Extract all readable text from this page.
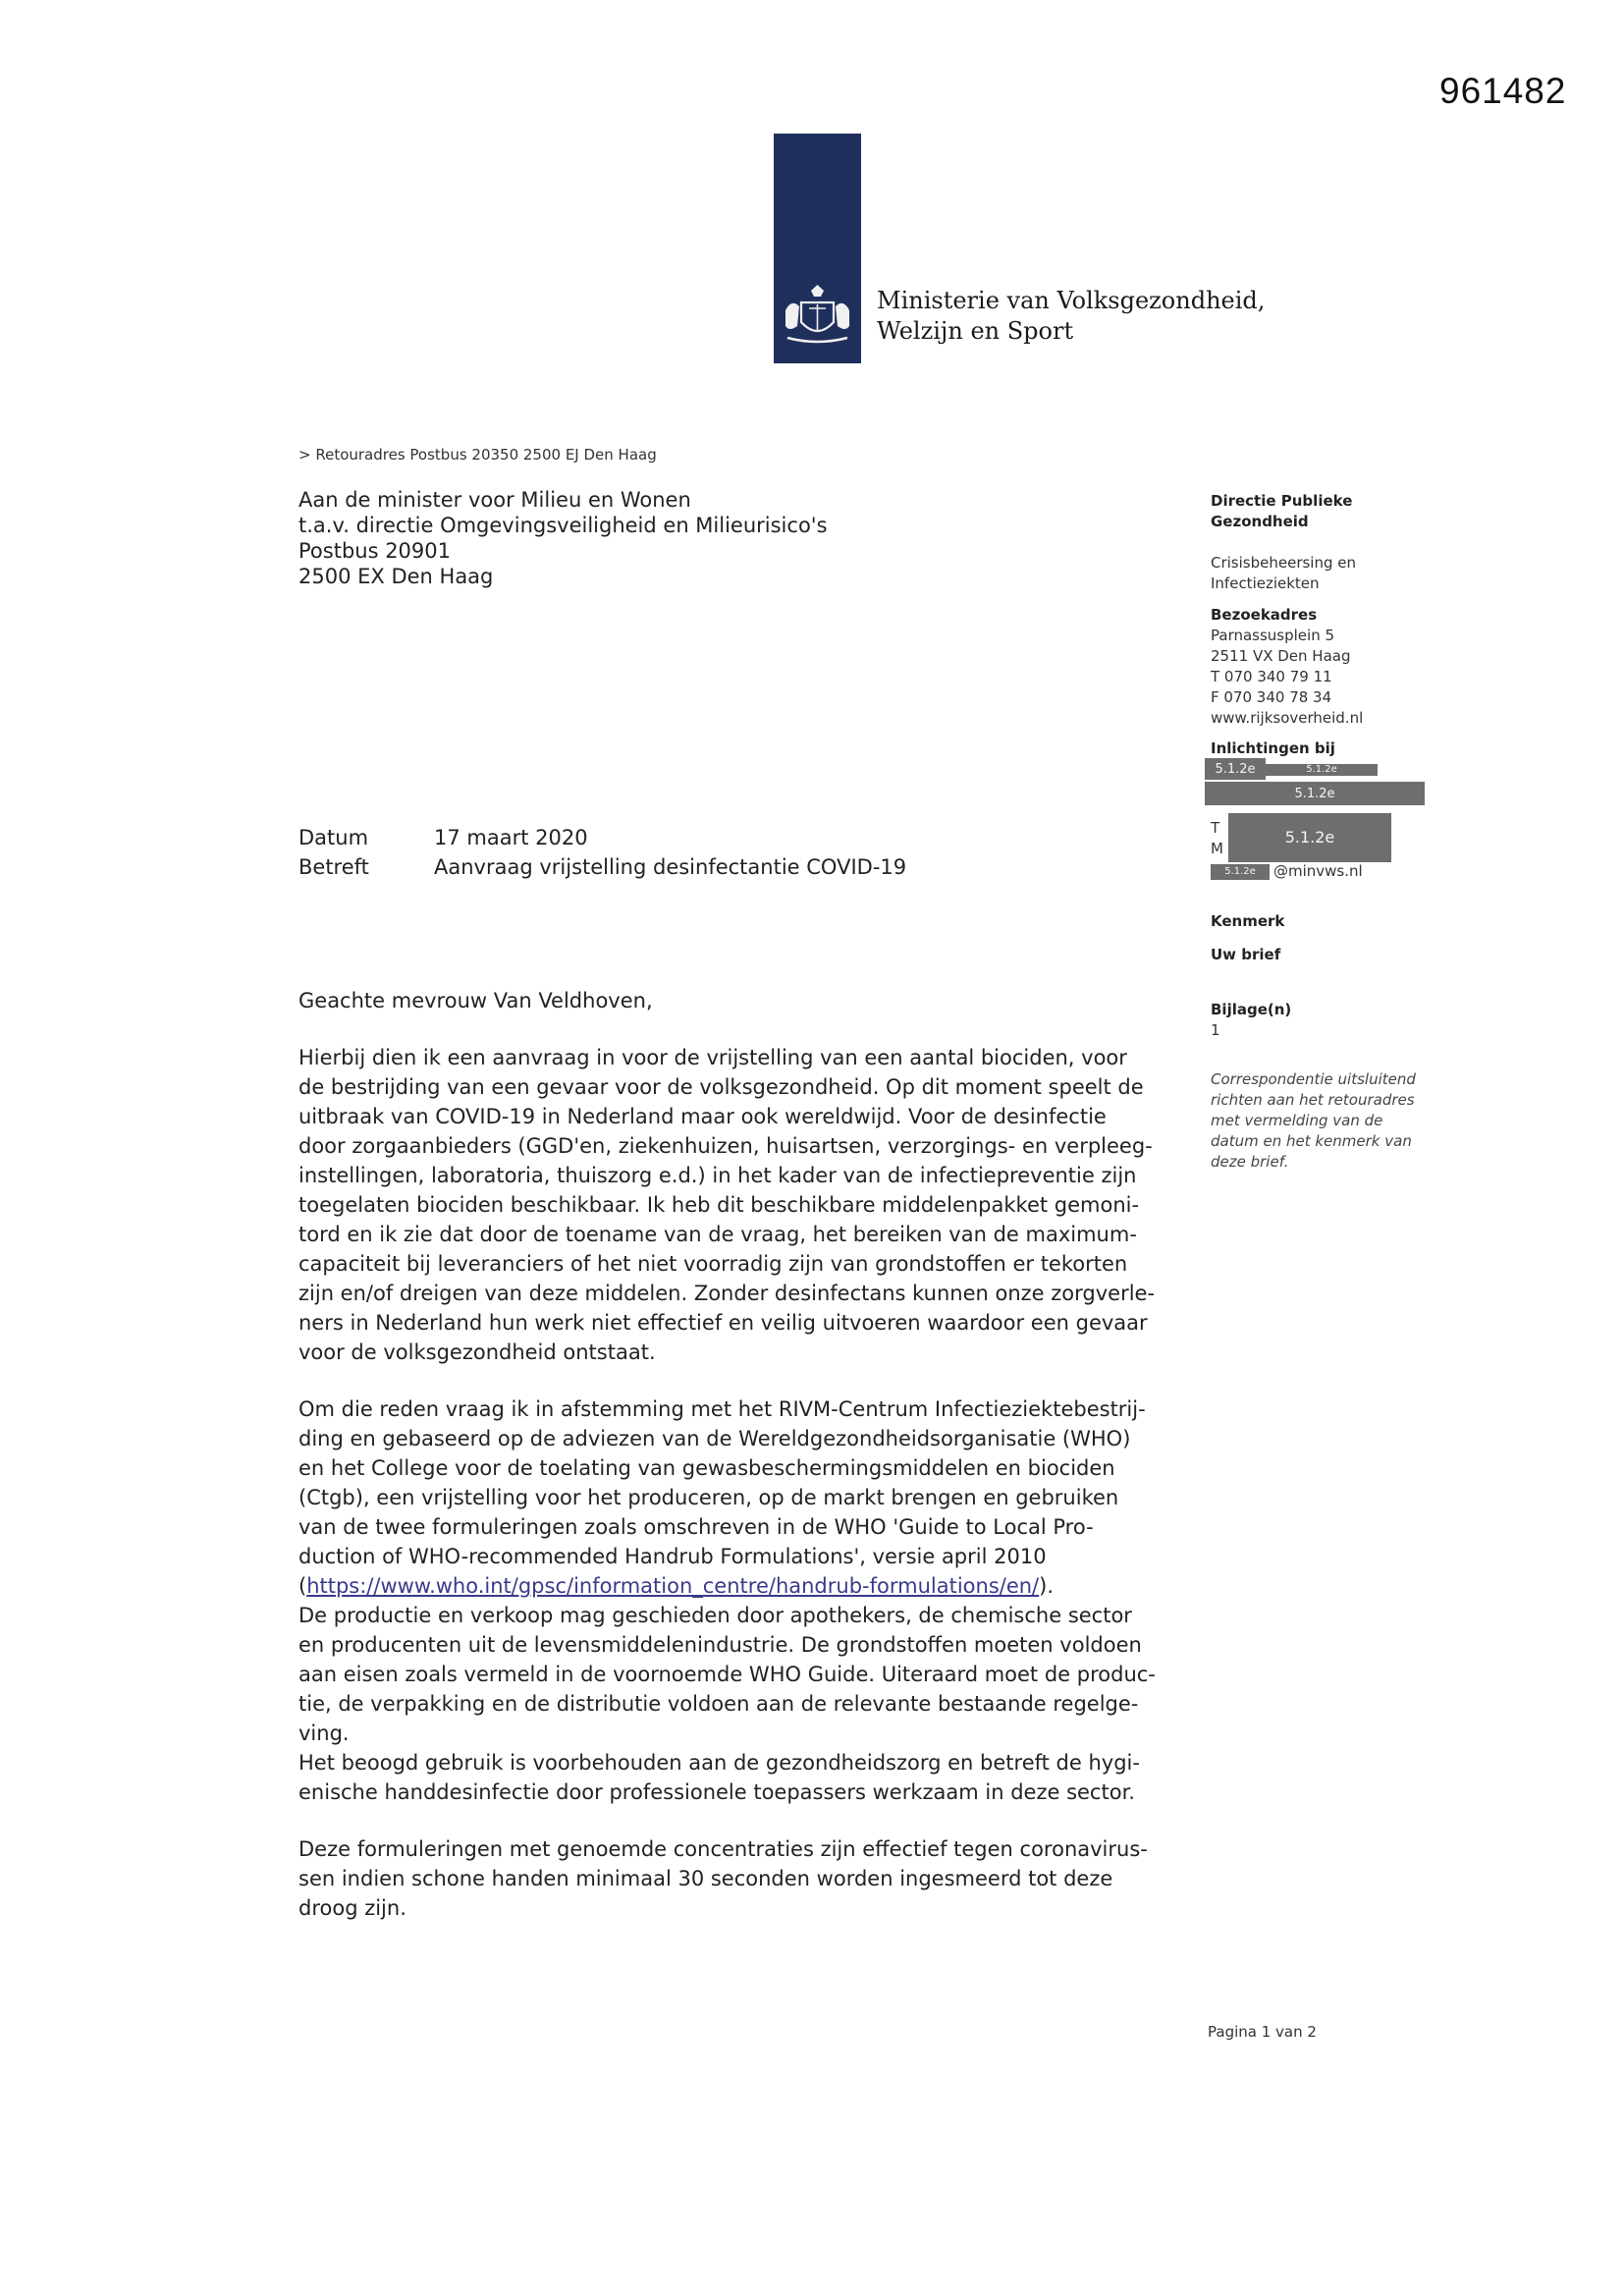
961482
Ministerie van Volksgezondheid,
Welzijn en Sport
> Retouradres Postbus 20350 2500 EJ Den Haag
Aan de minister voor Milieu en Wonen
t.a.v. directie Omgevingsveiligheid en Milieurisico's
Postbus 20901
2500 EX Den Haag
Directie Publieke
Gezondheid
Crisisbeheersing en
Infectieziekten
Bezoekadres
Parnassusplein 5
2511 VX Den Haag
T 070 340 79 11
F 070 340 78 34
www.rijksoverheid.nl
Inlichtingen bij
5.1.2e	5.1.2e
5.1.2e
T
M
5.1.2e
5.1.2e	@minvws.nl
Kenmerk
Uw brief
Bijlage(n)
1
Correspondentie uitsluitend
richten aan het retouradres
met vermelding van de
datum en het kenmerk van
deze brief.
Datum	17 maart 2020
Betreft	Aanvraag vrijstelling desinfectantie COVID-19
Geachte mevrouw Van Veldhoven,
Hierbij dien ik een aanvraag in voor de vrijstelling van een aantal biociden, voor
de bestrijding van een gevaar voor de volksgezondheid. Op dit moment speelt de
uitbraak van COVID-19 in Nederland maar ook wereldwijd. Voor de desinfectie
door zorgaanbieders (GGD'en, ziekenhuizen, huisartsen, verzorgings- en verpleeg-
instellingen, laboratoria, thuiszorg e.d.) in het kader van de infectiepreventie zijn
toegelaten biociden beschikbaar. Ik heb dit beschikbare middelenpakket gemoni-
tord en ik zie dat door de toename van de vraag, het bereiken van de maximum-
capaciteit bij leveranciers of het niet voorradig zijn van grondstoffen er tekorten
zijn en/of dreigen van deze middelen. Zonder desinfectans kunnen onze zorgverle-
ners in Nederland hun werk niet effectief en veilig uitvoeren waardoor een gevaar
voor de volksgezondheid ontstaat.
Om die reden vraag ik in afstemming met het RIVM-Centrum Infectieziektebestrij-
ding en gebaseerd op de adviezen van de Wereldgezondheidsorganisatie (WHO)
en het College voor de toelating van gewasbeschermingsmiddelen en biociden
(Ctgb), een vrijstelling voor het produceren, op de markt brengen en gebruiken
van de twee formuleringen zoals omschreven in de WHO 'Guide to Local Pro-
duction of WHO-recommended Handrub Formulations', versie april 2010
(https://www.who.int/gpsc/information_centre/handrub-formulations/en/).
De productie en verkoop mag geschieden door apothekers, de chemische sector
en producenten uit de levensmiddelenindustrie. De grondstoffen moeten voldoen
aan eisen zoals vermeld in de voornoemde WHO Guide. Uiteraard moet de produc-
tie, de verpakking en de distributie voldoen aan de relevante bestaande regelge-
ving.
Het beoogd gebruik is voorbehouden aan de gezondheidszorg en betreft de hygi-
enische handdesinfectie door professionele toepassers werkzaam in deze sector.
Deze formuleringen met genoemde concentraties zijn effectief tegen coronavirus-
sen indien schone handen minimaal 30 seconden worden ingesmeerd tot deze
droog zijn.
Pagina 1 van 2
